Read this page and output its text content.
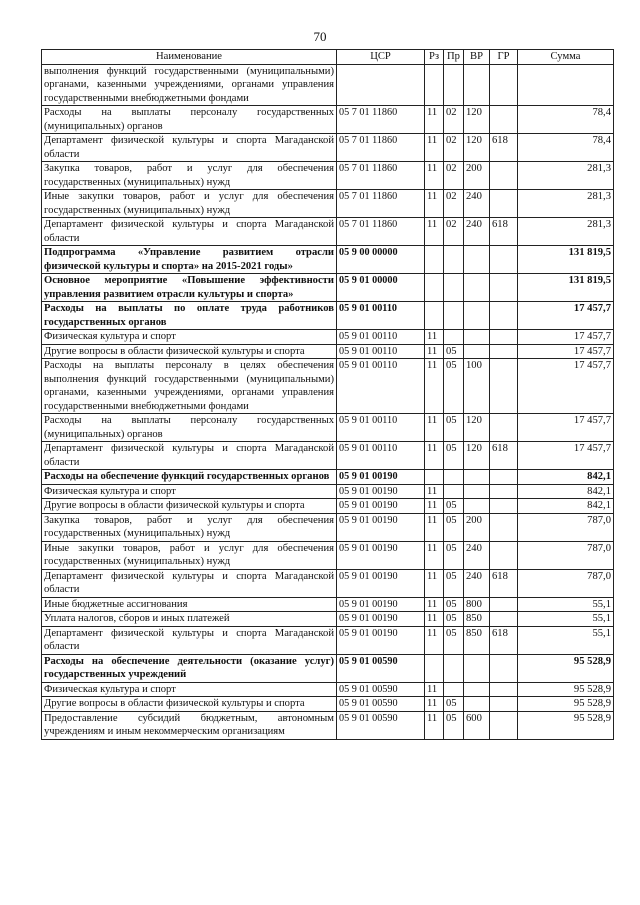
70
Наименование	ЦСР	Рз	Пр	ВР	ГР	Сумма
выполнения функций государственными (муниципальными) органами, казенными учреждениями, органами управления государственными внебюджетными фондами						
Расходы на выплаты персоналу государственных (муниципальных) органов	05 7 01 11860	11	02	120		78,4
Департамент физической культуры и спорта Магаданской области	05 7 01 11860	11	02	120	618	78,4
Закупка товаров, работ и услуг для обеспечения государственных (муниципальных) нужд	05 7 01 11860	11	02	200		281,3
Иные закупки товаров, работ и услуг для обеспечения государственных (муниципальных) нужд	05 7 01 11860	11	02	240		281,3
Департамент физической культуры и спорта Магаданской области	05 7 01 11860	11	02	240	618	281,3
Подпрограмма «Управление развитием отрасли физической культуры и спорта» на 2015-2021 годы»	05 9 00 00000					131 819,5
Основное мероприятие «Повышение эффективности управления развитием отрасли культуры и спорта»	05 9 01 00000					131 819,5
Расходы на выплаты по оплате труда работников государственных органов	05 9 01 00110					17 457,7
Физическая культура и спорт	05 9 01 00110	11				17 457,7
Другие вопросы в области физической культуры и спорта	05 9 01 00110	11	05			17 457,7
Расходы на выплаты персоналу в целях обеспечения выполнения функций государственными (муниципальными) органами, казенными учреждениями, органами управления государственными внебюджетными фондами	05 9 01 00110	11	05	100		17 457,7
Расходы на выплаты персоналу государственных (муниципальных) органов	05 9 01 00110	11	05	120		17 457,7
Департамент физической культуры и спорта Магаданской области	05 9 01 00110	11	05	120	618	17 457,7
Расходы на обеспечение функций государственных органов	05 9 01 00190					842,1
Физическая культура и спорт	05 9 01 00190	11				842,1
Другие вопросы в области физической культуры и спорта	05 9 01 00190	11	05			842,1
Закупка товаров, работ и услуг для обеспечения государственных (муниципальных) нужд	05 9 01 00190	11	05	200		787,0
Иные закупки товаров, работ и услуг для обеспечения государственных (муниципальных) нужд	05 9 01 00190	11	05	240		787,0
Департамент физической культуры и спорта Магаданской области	05 9 01 00190	11	05	240	618	787,0
Иные бюджетные ассигнования	05 9 01 00190	11	05	800		55,1
Уплата налогов, сборов и иных платежей	05 9 01 00190	11	05	850		55,1
Департамент физической культуры и спорта Магаданской области	05 9 01 00190	11	05	850	618	55,1
Расходы на обеспечение деятельности (оказание услуг) государственных учреждений	05 9 01 00590					95 528,9
Физическая культура и спорт	05 9 01 00590	11				95 528,9
Другие вопросы в области физической культуры и спорта	05 9 01 00590	11	05			95 528,9
Предоставление субсидий бюджетным, автономным учреждениям и иным некоммерческим организациям	05 9 01 00590	11	05	600		95 528,9
